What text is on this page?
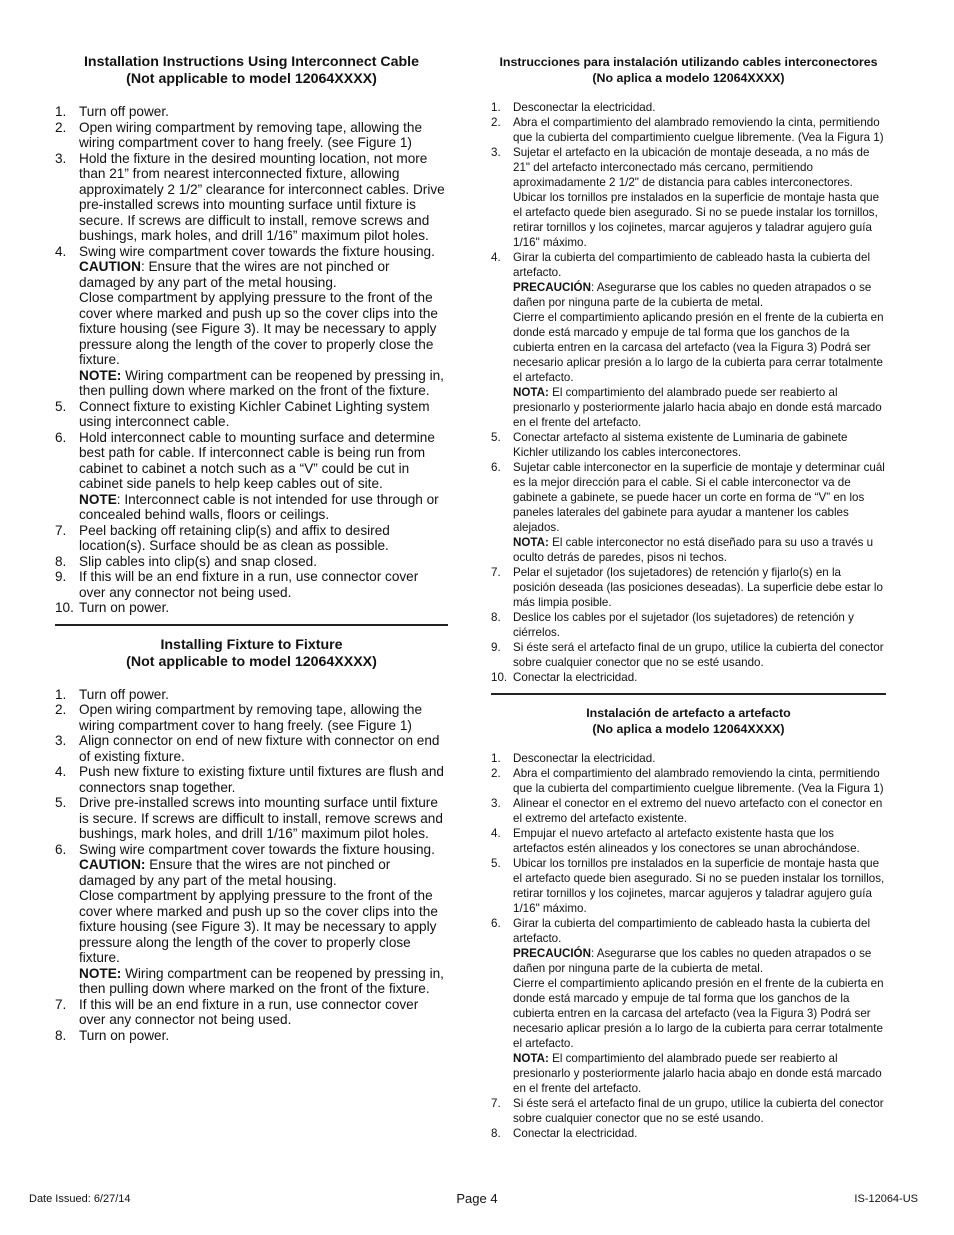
Installation Instructions Using Interconnect Cable
(Not applicable to model 12064XXXX)
1. Turn off power.

2. Open wiring compartment by removing tape, allowing the wiring compartment cover to hang freely. (see Figure 1)

3. Hold the fixture in the desired mounting location, not more than 21” from nearest interconnected fixture, allowing approximately 2 1/2” clearance for interconnect cables. Drive pre-installed screws into mounting surface until fixture is secure. If screws are difficult to install, remove screws and bushings, mark holes, and drill 1/16” maximum pilot holes.

4. Swing wire compartment cover towards the fixture housing.

CAUTION: Ensure that the wires are not pinched or damaged by any part of the metal housing.

Close compartment by applying pressure to the front of the cover where marked and push up so the cover clips into the fixture housing (see Figure 3). It may be necessary to apply pressure along the length of the cover to properly close the fixture.

NOTE: Wiring compartment can be reopened by pressing in, then pulling down where marked on the front of the fixture.

5. Connect fixture to existing Kichler Cabinet Lighting system using interconnect cable.

6. Hold interconnect cable to mounting surface and determine best path for cable. If interconnect cable is being run from cabinet to cabinet a notch such as a “V” could be cut in cabinet side panels to help keep cables out of site.

NOTE: Interconnect cable is not intended for use through or concealed behind walls, floors or ceilings.

7. Peel backing off retaining clip(s) and affix to desired location(s). Surface should be as clean as possible.

8. Slip cables into clip(s) and snap closed.

9. If this will be an end fixture in a run, use connector cover over any connector not being used.

10. Turn on power.

Installing Fixture to Fixture
(Not applicable to model 12064XXXX)
1. Turn off power.

2. Open wiring compartment by removing tape, allowing the wiring compartment cover to hang freely. (see Figure 1)

3. Align connector on end of new fixture with connector on end of existing fixture.

4. Push new fixture to existing fixture until fixtures are flush and connectors snap together.

5. Drive pre-installed screws into mounting surface until fixture is secure. If screws are difficult to install, remove screws and bushings, mark holes, and drill 1/16” maximum pilot holes.

6. Swing wire compartment cover towards the fixture housing.

CAUTION: Ensure that the wires are not pinched or damaged by any part of the metal housing.

Close compartment by applying pressure to the front of the cover where marked and push up so the cover clips into the fixture housing (see Figure 3). It may be necessary to apply pressure along the length of the cover to properly close fixture.

NOTE: Wiring compartment can be reopened by pressing in, then pulling down where marked on the front of the fixture.

7. If this will be an end fixture in a run, use connector cover over any connector not being used.

8. Turn on power.

Instrucciones para instalación utilizando cables interconectores
(No aplica a modelo 12064XXXX)
1.	Desconectar la electricidad.

2.	Abra el compartimiento del alambrado removiendo la cinta, permitiendo que la cubierta del compartimiento cuelgue libremente. (Vea la Figura 1)

3.	Sujetar el artefacto en la ubicación de montaje deseada, a no más de 21" del artefacto interconectado más cercano, permitiendo aproximadamente 2 1/2" de distancia para cables interconectores. Ubicar los tornillos pre instalados en la superficie de montaje hasta que el artefacto quede bien asegurado. Si no se puede instalar los tornillos, retirar tornillos y los cojinetes, marcar agujeros y taladrar agujero guía 1/16" máximo.

4.	Girar la cubierta del compartimiento de cableado hasta la cubierta del artefacto.

PRECAUCIÓN: Asegurarse que los cables no queden atrapados o se dañen por ninguna parte de la cubierta de metal.

Cierre el compartimiento aplicando presión en el frente de la cubierta en donde está marcado y empuje de tal forma que los ganchos de la cubierta entren en la carcasa del artefacto (vea la Figura 3) Podrá ser necesario aplicar presión a lo largo de la cubierta para cerrar totalmente el artefacto.

NOTA: El compartimiento del alambrado puede ser reabierto al presionarlo y posteriormente jalarlo hacia abajo en donde está marcado en el frente del artefacto.

5.	Conectar artefacto al sistema existente de Luminaria de gabinete Kichler utilizando los cables interconectores.

6.	Sujetar cable interconector en la superficie de montaje y determinar cuál es la mejor dirección para el cable. Si el cable interconector va de gabinete a gabinete, se puede hacer un corte en forma de “V” en los paneles laterales del gabinete para ayudar a mantener los cables alejados.

NOTA: El cable interconector no está diseñado para su uso a través u oculto detrás de paredes, pisos ni techos.

7.	Pelar el sujetador (los sujetadores) de retención y fijarlo(s) en la posición deseada (las posiciones deseadas). La superficie debe estar lo más limpia posible.

8.	Deslice los cables por el sujetador (los sujetadores) de retención y ciérrelos.

9.	Si éste será el artefacto final de un grupo, utilice la cubierta del conector sobre cualquier conector que no se esté usando.

10. Conectar la electricidad.

Instalación de artefacto a artefacto
(No aplica a modelo 12064XXXX)
1.	Desconectar la electricidad.

2.	Abra el compartimiento del alambrado removiendo la cinta, permitiendo que la cubierta del compartimiento cuelgue libremente. (Vea la Figura 1)

3.	Alinear el conector en el extremo del nuevo artefacto con el conector en el extremo del artefacto existente.

4.	Empujar el nuevo artefacto al artefacto existente hasta que los artefactos estén alineados y los conectores se unan abrochándose.

5.	Ubicar los tornillos pre instalados en la superficie de montaje hasta que el artefacto quede bien asegurado. Si no se pueden instalar los tornillos, retirar tornillos y los cojinetes, marcar agujeros y taladrar agujero guía 1/16" máximo.

6.	Girar la cubierta del compartimiento de cableado hasta la cubierta del artefacto.

PRECAUCIÓN: Asegurarse que los cables no queden atrapados o se dañen por ninguna parte de la cubierta de metal.

Cierre el compartimiento aplicando presión en el frente de la cubierta en donde está marcado y empuje de tal forma que los ganchos de la cubierta entren en la carcasa del artefacto (vea la Figura 3) Podrá ser necesario aplicar presión a lo largo de la cubierta para cerrar totalmente el artefacto.

NOTA: El compartimiento del alambrado puede ser reabierto al presionarlo y posteriormente jalarlo hacia abajo en donde está marcado en el frente del artefacto.

7.	Si éste será el artefacto final de un grupo, utilice la cubierta del conector sobre cualquier conector que no se esté usando.

8.	Conectar la electricidad.

Date Issued: 6/27/14	Page 4	IS-12064-US
